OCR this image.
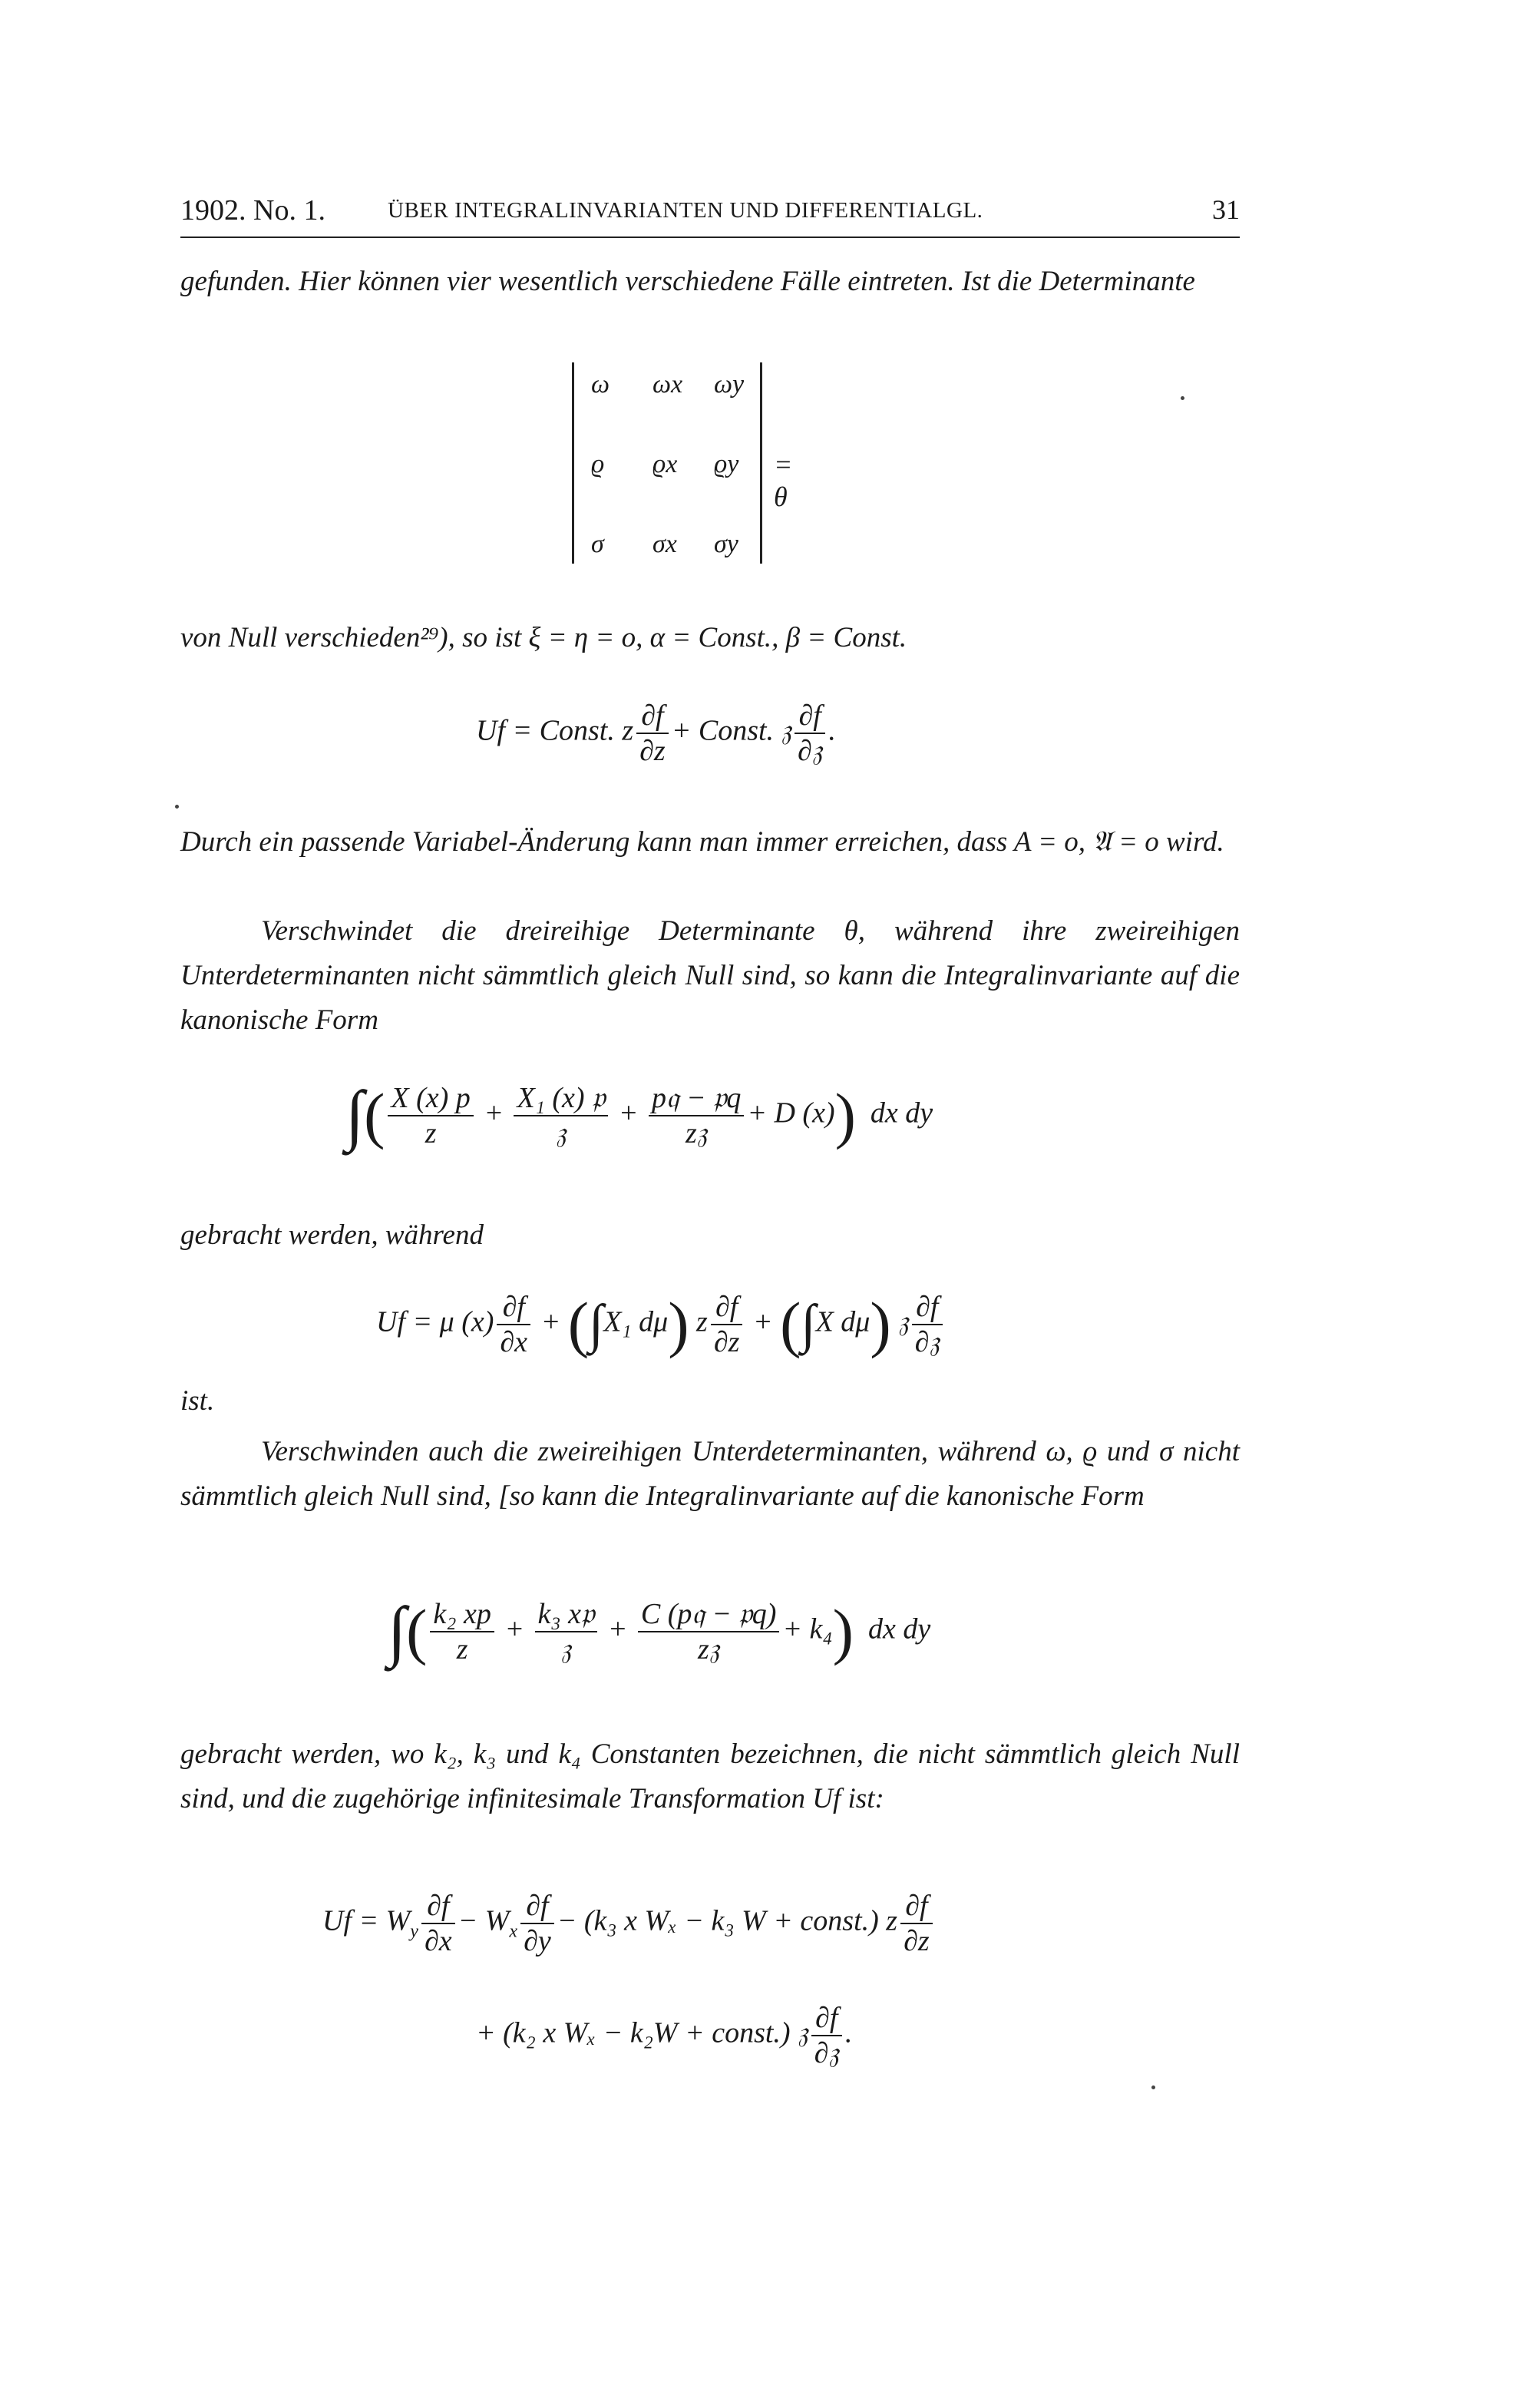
1902. No. 1.	ÜBER INTEGRALINVARIANTEN UND DIFFERENTIALGL.	31
gefunden. Hier können vier wesentlich verschiedene Fälle eintreten. Ist die Determinante
ω ωx ωy
ϱ ϱx ϱy
σ σx σy
= θ
von Null verschieden²⁹), so ist ξ = η = o, α = Const., β = Const.
Uf = Const. z $\frac{\partial f}{\partial z}$ + Const. 𝔷 $\frac{\partial f}{\text{∂𝔷}}$ .
Durch ein passende Variabel-Änderung kann man immer erreichen, dass A = o, 𝔄 = o wird.
Verschwindet die dreireihige Determinante θ, während ihre zweireihigen Unterdeterminanten nicht sämmtlich gleich Null sind, so kann die Integralinvariante auf die kanonische Form
∫( $\frac{X (x) p}{z} + \frac{\text{X₁ (x) 𝔭}}{\text{𝔷}} + \frac{\text{p𝔮 − 𝔭q}}{\text{z𝔷}} + D$ (x)) dx dy
gebracht werden, während
Uf = μ $(x) \frac{\partial f}{\partial x} + (\int X_1$ dμ) z $\frac{\partial f}{\partial z} + (\int X$ dμ) 𝔷 $\frac{\partial f}{\text{∂𝔷}}$
ist.
Verschwinden auch die zweireihigen Unterdeterminanten, während ω, ϱ und σ nicht sämmtlich gleich Null sind, [so kann die Integralinvariante auf die kanonische Form
∫( $\frac{\text{k₂ xp}}{z} + \frac{\text{k₃ x𝔭}}{\text{𝔷}} + \frac{\text{C (p𝔮 − 𝔭q)}}{\text{z𝔷}} + k_4$) dx dy
gebracht werden, wo k₂, k₃ und k₄ Constanten bezeichnen, die nicht sämmtlich gleich Null sind, und die zugehörige infinitesimale Transformation Uf ist:
$Uf = W_y \frac{\partial f}{\partial x} - W_x \frac{\partial f}{\partial y} - (k_3$ x Wₓ − k₃ W + const.) z $\frac{\partial f}{\partial z}$
+ (k₂ x Wₓ − k₂W + const.) 𝔷 $\frac{\partial f}{\text{∂𝔷}}$ .
